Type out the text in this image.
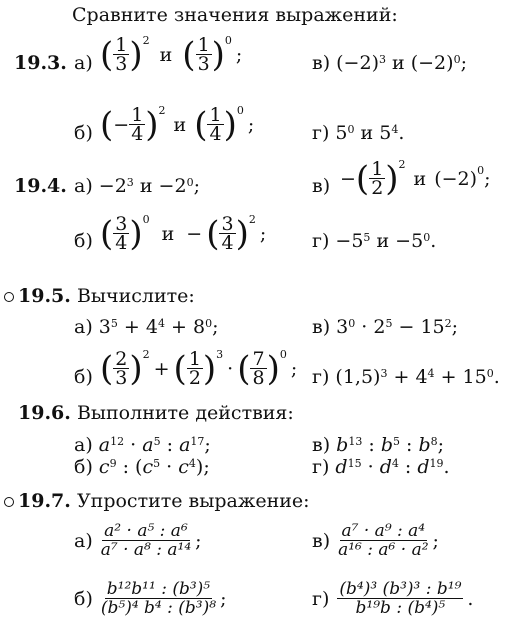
Сравните значения выражений:
19.3. а) ( $\frac{1}{3} )^2$
и ( $\frac{1}{3} )^0$
;	в) $(-2)^3$ и $(-2)^0$;
б) ( − $\frac{1}{4} )^2$
и ( $\frac{1}{4} )^0$
;	г) $5^0$ и $5^4$.
19.4. $а) -2^3$ $и -2^0$;	в) − ( $\frac{1}{2} )^2$
и $(-2)^0$ ;
б) ( $\frac{3}{4} )^0$
и − ( $\frac{3}{4} )^2$
; $г) -5^5$ $и -5^0$.
19.5. Вычислите:
а) $3^5 + 4^4 + 8^0$;	в) $3^0 \cdot 2^5 - 15^2$;
б) ( $\frac{2}{3} )^2$
+ ( $\frac{1}{2} )^3$
· ( $\frac{7}{8} )^0$
; г) $(1,5)^3 + 4^4 + 15^0$.
19.6. Выполните действия:
а) $a^{12} \cdot a^5$ : $a^{17}$;	в) $b^{13}$ : $b^5$ : $b^8$;
б) $c^9$ : $(c^5 \cdot c^4)$;	г) $d^{15} \cdot d^4$ : $d^{19}$.
19.7. Упростите выражение:
$а) \frac{\text{a² · a⁵ : a⁶}}{\text{a⁷ · a⁸ : a¹⁴}}$ ;	$в) \frac{\text{a⁷ · a⁹ : a⁴}}{\text{a¹⁶ : a⁶ · a²}}$ ;
$б) \frac{\text{b¹²b¹¹ : (b³)⁵}}{\text{(b⁵)⁴ b⁴ : (b³)⁸}}$ ;	$г) \frac{\text{(b⁴)³ (b³)³ : b¹⁹}}{\text{b¹⁹b : (b⁴)⁵}}$ .
